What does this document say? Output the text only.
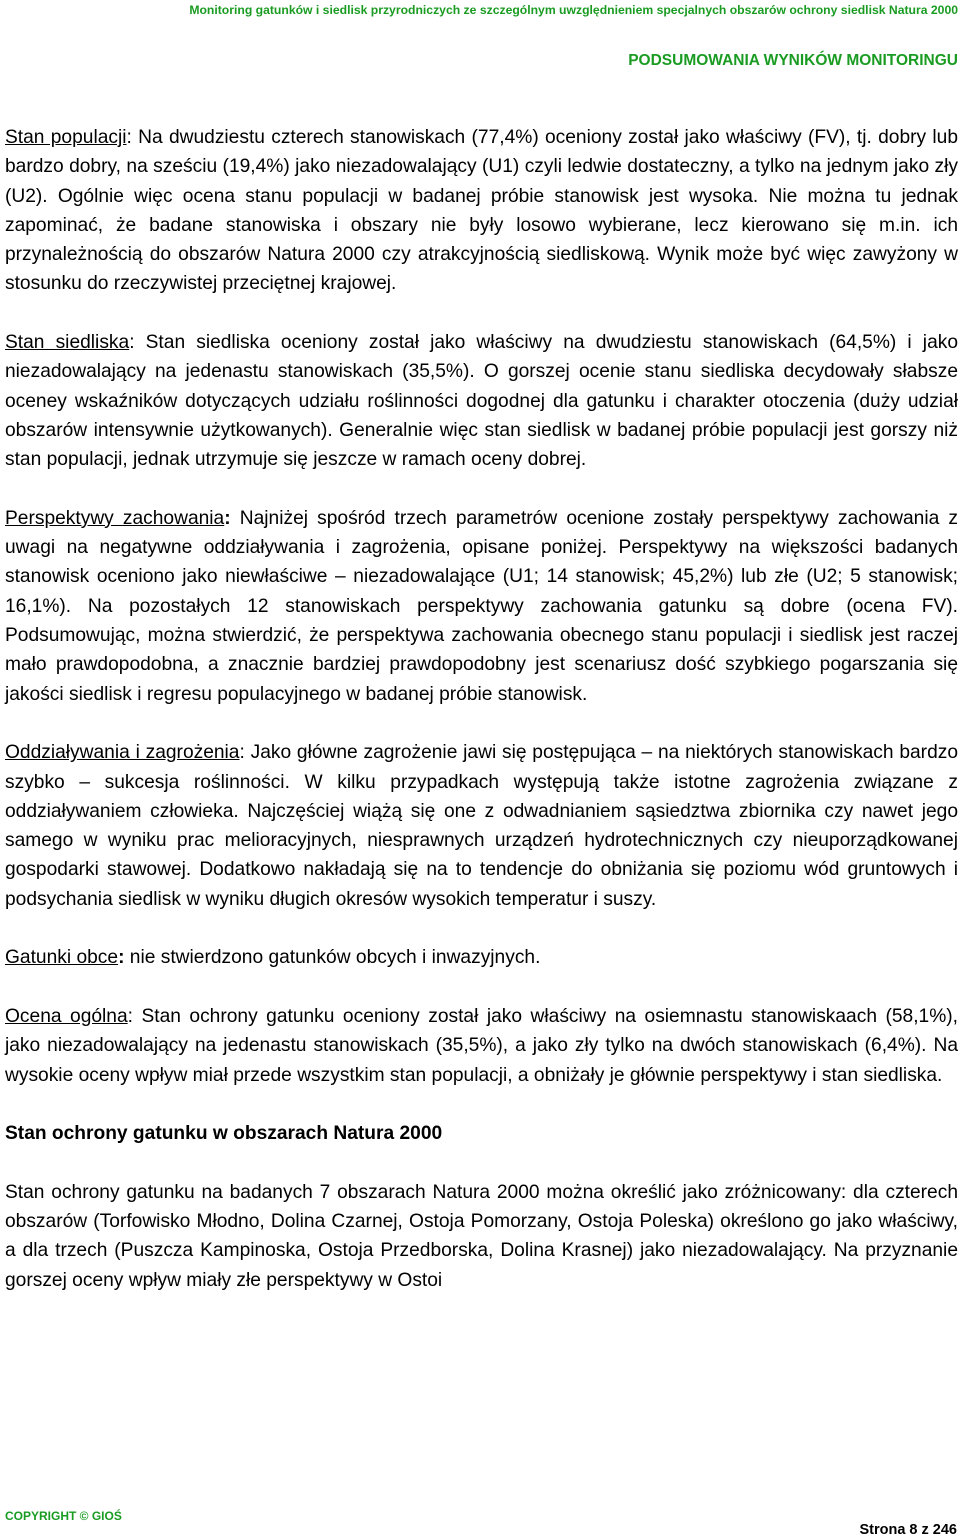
Monitoring gatunków i siedlisk przyrodniczych ze szczególnym uwzględnieniem specjalnych obszarów ochrony siedlisk Natura 2000
PODSUMOWANIA WYNIKÓW MONITORINGU

Stan populacji: Na dwudziestu czterech stanowiskach (77,4%) oceniony został jako właściwy (FV), tj. dobry lub bardzo dobry, na sześciu (19,4%) jako niezadowalający (U1) czyli ledwie dostateczny, a tylko na jednym jako zły (U2). Ogólnie więc ocena stanu populacji w badanej próbie stanowisk jest wysoka. Nie można tu jednak zapominać, że badane stanowiska i obszary nie były losowo wybierane, lecz kierowano się m.in. ich przynależnością do obszarów Natura 2000 czy atrakcyjnością siedliskową. Wynik może być więc zawyżony w stosunku do rzeczywistej przeciętnej krajowej.

Stan siedliska: Stan siedliska oceniony został jako właściwy na dwudziestu stanowiskach (64,5%) i jako niezadowalający na jedenastu stanowiskach (35,5%). O gorszej ocenie stanu siedliska decydowały słabsze oceney wskaźników dotyczących udziału roślinności dogodnej dla gatunku i charakter otoczenia (duży udział obszarów intensywnie użytkowanych). Generalnie więc stan siedlisk w badanej próbie populacji jest gorszy niż stan populacji, jednak utrzymuje się jeszcze w ramach oceny dobrej.

Perspektywy zachowania: Najniżej spośród trzech parametrów ocenione zostały perspektywy zachowania z uwagi na negatywne oddziaływania i zagrożenia, opisane poniżej. Perspektywy na większości badanych stanowisk oceniono jako niewłaściwe – niezadowalające (U1; 14 stanowisk; 45,2%) lub złe (U2; 5 stanowisk; 16,1%). Na pozostałych 12 stanowiskach perspektywy zachowania gatunku są dobre (ocena FV). Podsumowując, można stwierdzić, że perspektywa zachowania obecnego stanu populacji i siedlisk jest raczej mało prawdopodobna, a znacznie bardziej prawdopodobny jest scenariusz dość szybkiego pogarszania się jakości siedlisk i regresu populacyjnego w badanej próbie stanowisk.

Oddziaływania i zagrożenia: Jako główne zagrożenie jawi się postępująca – na niektórych stanowiskach bardzo szybko – sukcesja roślinności. W kilku przypadkach występują także istotne zagrożenia związane z oddziaływaniem człowieka. Najczęściej wiążą się one z odwadnianiem sąsiedztwa zbiornika czy nawet jego samego w wyniku prac melioracyjnych, niesprawnych urządzeń hydrotechnicznych czy nieuporządkowanej gospodarki stawowej. Dodatkowo nakładają się na to tendencje do obniżania się poziomu wód gruntowych i podsychania siedlisk w wyniku długich okresów wysokich temperatur i suszy.

Gatunki obce: nie stwierdzono gatunków obcych i inwazyjnych.

Ocena ogólna: Stan ochrony gatunku oceniony został jako właściwy na osiemnastu stanowiskaach (58,1%), jako niezadowalający na jedenastu stanowiskach (35,5%), a jako zły tylko na dwóch stanowiskach (6,4%). Na wysokie oceny wpływ miał przede wszystkim stan populacji, a obniżały je głównie perspektywy i stan siedliska.

Stan ochrony gatunku w obszarach Natura 2000

Stan ochrony gatunku na badanych 7 obszarach Natura 2000 można określić jako zróżnicowany: dla czterech obszarów (Torfowisko Młodno, Dolina Czarnej, Ostoja Pomorzany, Ostoja Poleska) określono go jako właściwy, a dla trzech (Puszcza Kampinoska, Ostoja Przedborska, Dolina Krasnej) jako niezadowalający. Na przyznanie gorszej oceny wpływ miały złe perspektywy w Ostoi

COPYRIGHT © GIOŚ
Strona 8 z 246
